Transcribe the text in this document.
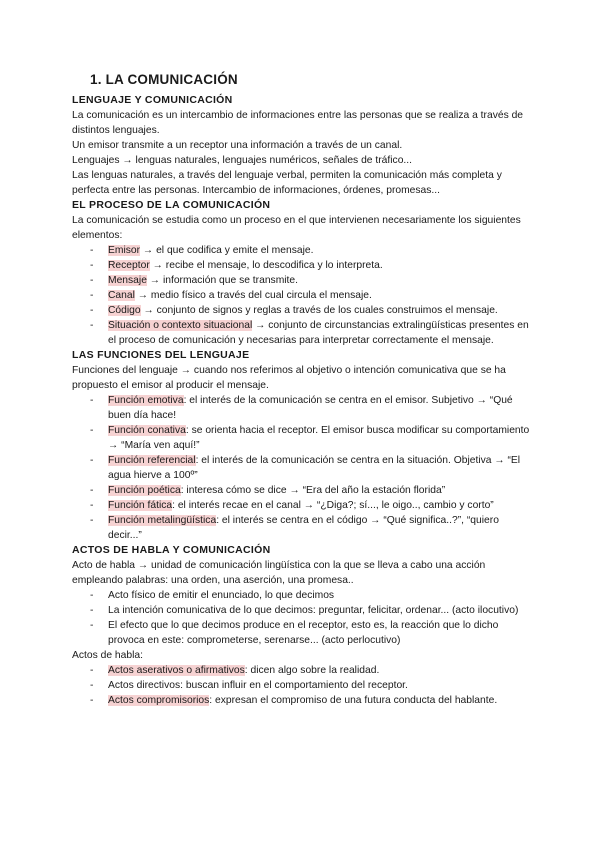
1. LA COMUNICACIÓN
LENGUAJE Y COMUNICACIÓN

La comunicación es un intercambio de informaciones entre las personas que se realiza a través de distintos lenguajes.

Un emisor transmite a un receptor una información a través de un canal.

Lenguajes → lenguas naturales, lenguajes numéricos, señales de tráfico...

Las lenguas naturales, a través del lenguaje verbal, permiten la comunicación más completa y perfecta entre las personas. Intercambio de informaciones, órdenes, promesas...

EL PROCESO DE LA COMUNICACIÓN

La comunicación se estudia como un proceso en el que intervienen necesariamente los siguientes elementos:

- Emisor → el que codifica y emite el mensaje.
- Receptor → recibe el mensaje, lo descodifica y lo interpreta.
- Mensaje → información que se transmite.
- Canal → medio físico a través del cual circula el mensaje.
- Código → conjunto de signos y reglas a través de los cuales construimos el mensaje.
- Situación o contexto situacional → conjunto de circunstancias extralingüísticas presentes en el proceso de comunicación y necesarias para interpretar correctamente el mensaje.
LAS FUNCIONES DEL LENGUAJE

Funciones del lenguaje → cuando nos referimos al objetivo o intención comunicativa que se ha propuesto el emisor al producir el mensaje.

- Función emotiva: el interés de la comunicación se centra en el emisor. Subjetivo → “Qué buen día hace!
- Función conativa: se orienta hacia el receptor. El emisor busca modificar su comportamiento → “María ven aquí!”
- Función referencial: el interés de la comunicación se centra en la situación. Objetiva → “El agua hierve a 100º”
- Función poética: interesa cómo se dice → “Era del año la estación florida”
- Función fática: el interés recae en el canal → “¿Diga?; sí..., le oigo.., cambio y corto”
- Función metalingüística: el interés se centra en el código → “Qué significa..?”, “quiero decir...”
ACTOS DE HABLA Y COMUNICACIÓN

Acto de habla → unidad de comunicación lingüística con la que se lleva a cabo una acción empleando palabras: una orden, una aserción, una promesa..

- Acto físico de emitir el enunciado, lo que decimos
- La intención comunicativa de lo que decimos: preguntar, felicitar, ordenar... (acto ilocutivo)
- El efecto que lo que decimos produce en el receptor, esto es, la reacción que lo dicho provoca en este: comprometerse, serenarse... (acto perlocutivo)

Actos de habla:

- Actos aserativos o afirmativos: dicen algo sobre la realidad.
- Actos directivos: buscan influir en el comportamiento del receptor.
- Actos compromisorios: expresan el compromiso de una futura conducta del hablante.
